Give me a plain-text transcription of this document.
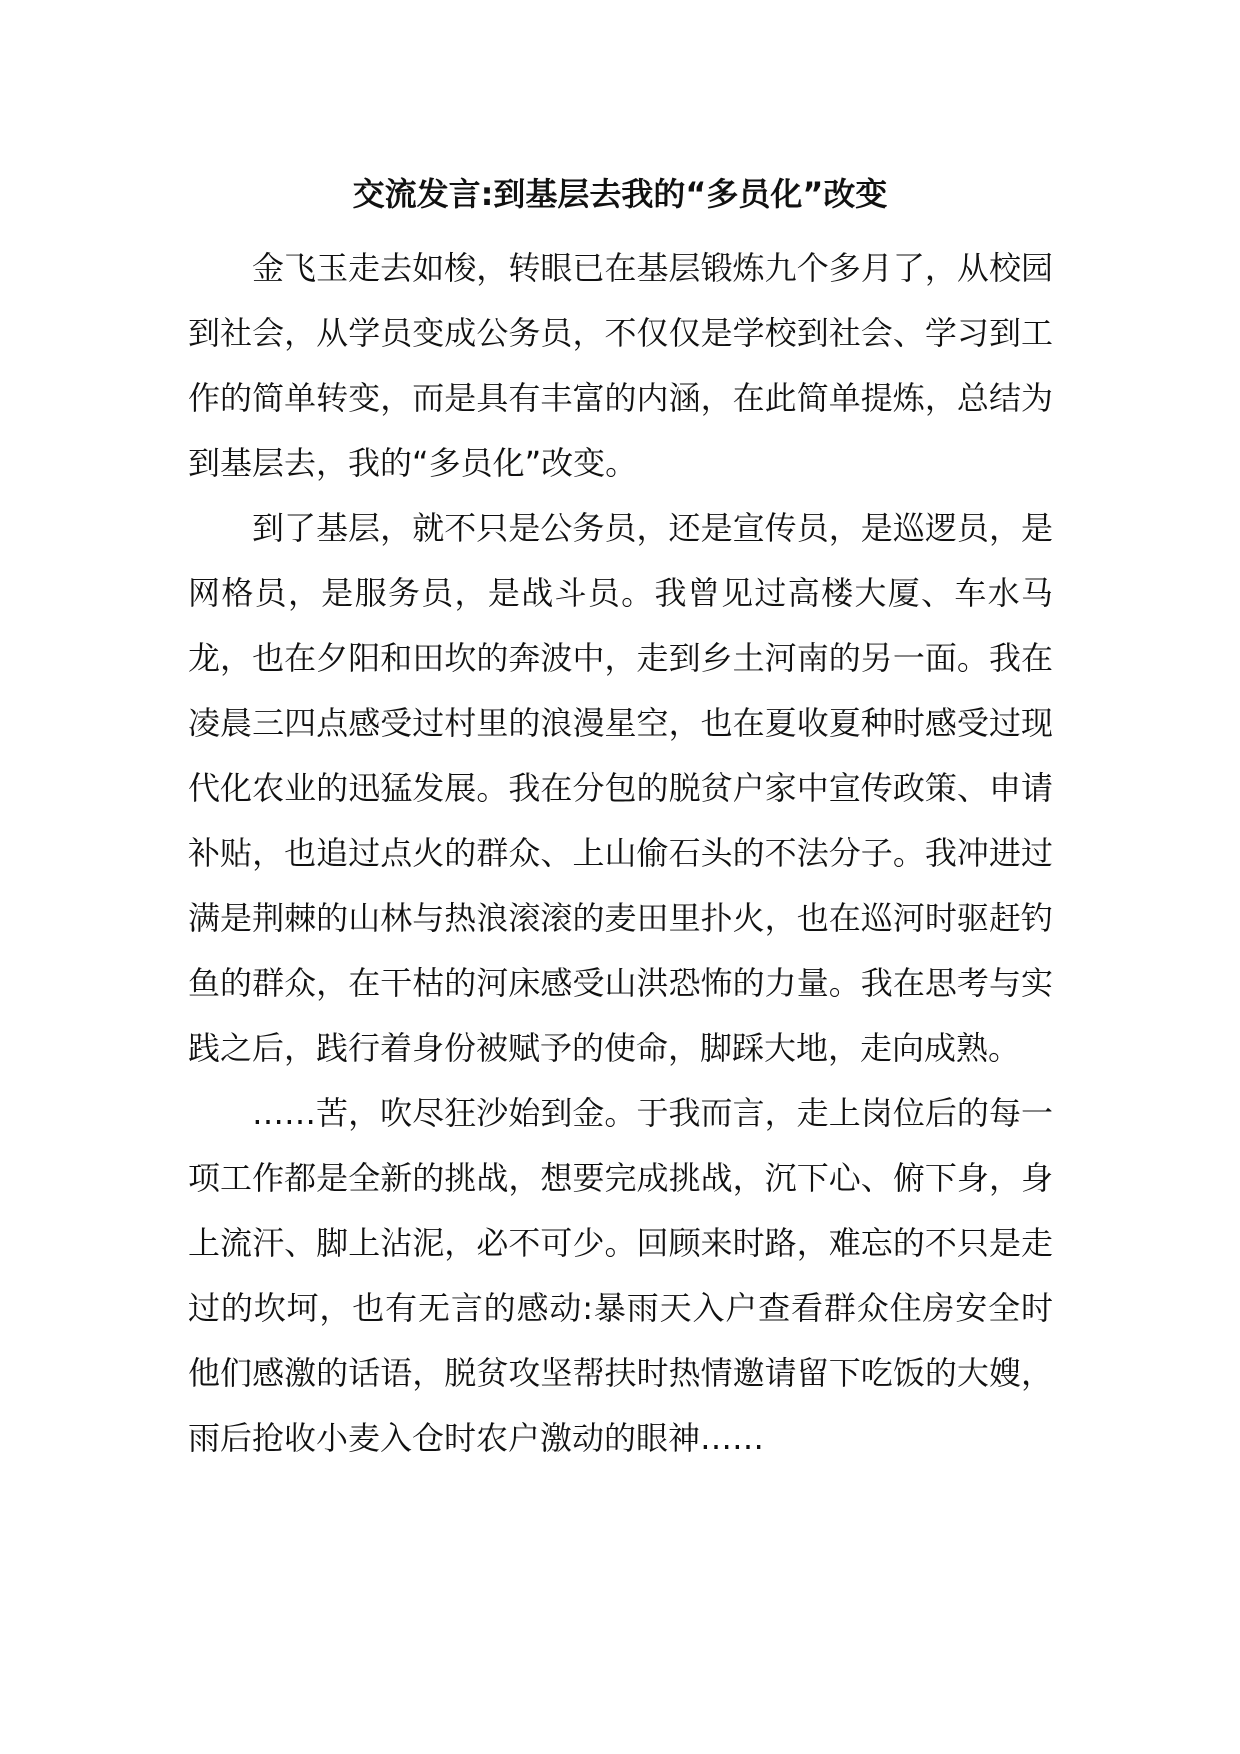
交流发言:到基层去我的“多员化”改变

金飞玉走去如梭，转眼已在基层锻炼九个多月了，从校园到社会，从学员变成公务员，不仅仅是学校到社会、学习到工作的简单转变，而是具有丰富的内涵，在此简单提炼，总结为到基层去，我的“多员化”改变。

到了基层，就不只是公务员，还是宣传员，是巡逻员，是网格员，是服务员，是战斗员。我曾见过高楼大厦、车水马龙，也在夕阳和田坎的奔波中，走到乡土河南的另一面。我在凌晨三四点感受过村里的浪漫星空，也在夏收夏种时感受过现代化农业的迅猛发展。我在分包的脱贫户家中宣传政策、申请补贴，也追过点火的群众、上山偷石头的不法分子。我冲进过满是荆棘的山林与热浪滚滚的麦田里扑火，也在巡河时驱赶钓鱼的群众，在干枯的河床感受山洪恐怖的力量。我在思考与实践之后，践行着身份被赋予的使命，脚踩大地，走向成熟。

……苦，吹尽狂沙始到金。于我而言，走上岗位后的每一项工作都是全新的挑战，想要完成挑战，沉下心、俯下身，身上流汗、脚上沾泥，必不可少。回顾来时路，难忘的不只是走过的坎坷，也有无言的感动:暴雨天入户查看群众住房安全时他们感激的话语，脱贫攻坚帮扶时热情邀请留下吃饭的大嫂，雨后抢收小麦入仓时农户激动的眼神……
